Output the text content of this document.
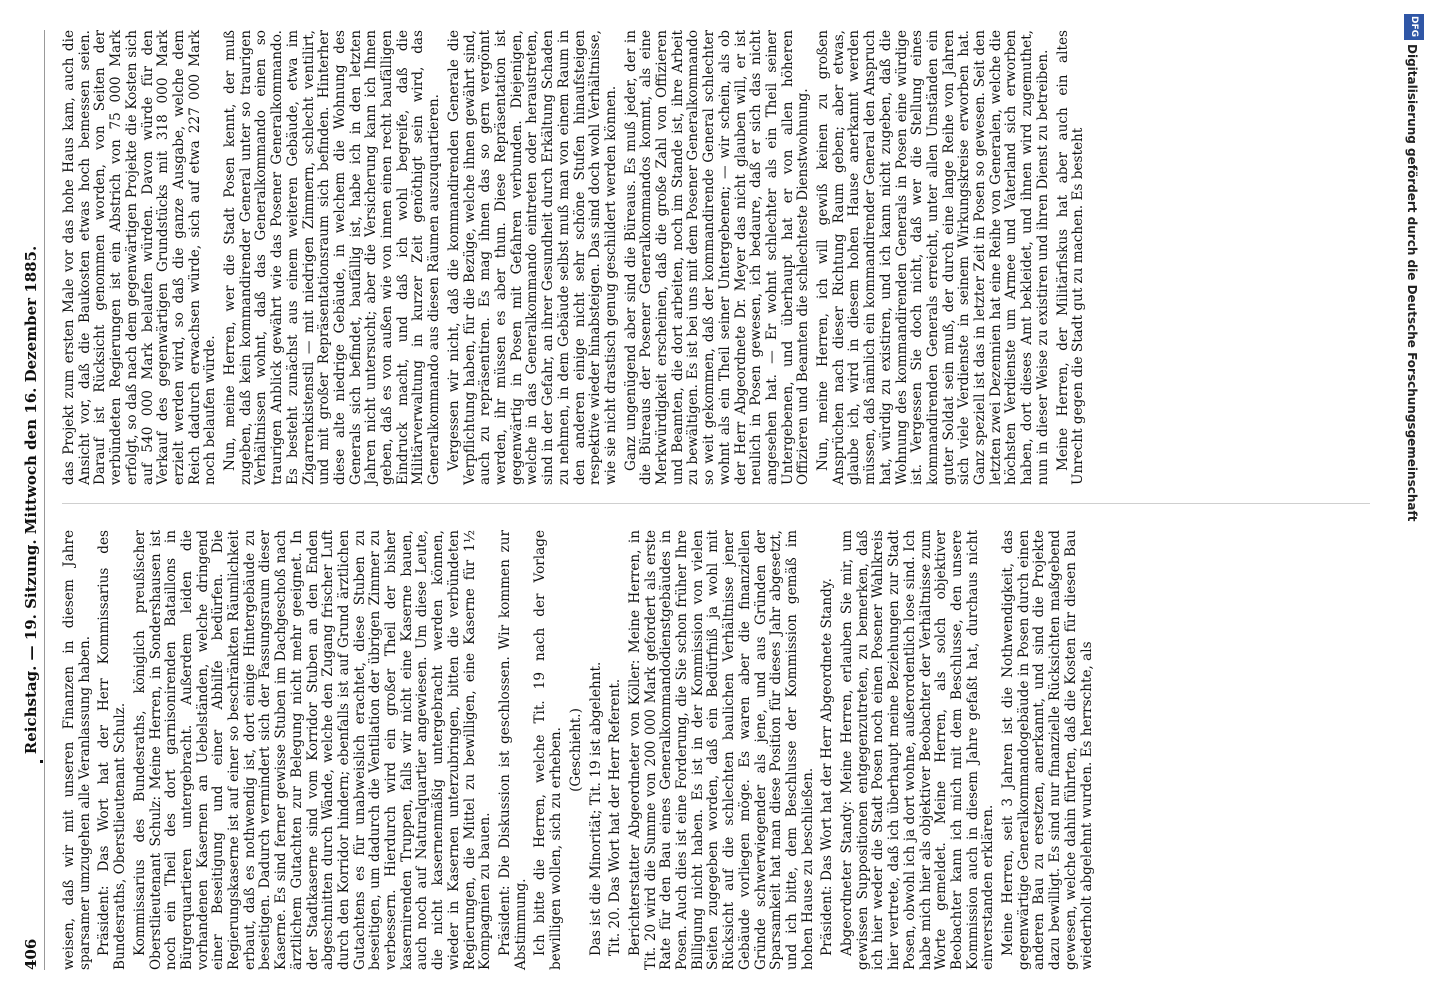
406
Reichstag. — 19. Sitzung. Mittwoch den 16. Dezember 1885. weisen, daß wir mit unseren Finanzen in diesem Jahre sparsamer umzugehen alle Veranlassung haben. Präsident: Das Wort hat der Herr Kommissarius des Bundesraths, Oberstlieutenant Schulz. Kommissarius des Bundesraths, königlich preußischer Oberstlieutenant Schulz: Meine Herren, in Sondershausen ist noch ein Theil des dort garnisonirenden Bataillons in Bürgerquartieren untergebracht. Außerdem leiden die vorhandenen Kasernen an Uebelständen, welche dringend einer Beseitigung und einer Abhilfe bedürfen. Die Regierungskaserne ist auf einer so beschränkten Räumlichkeit erbaut, daß es nothwendig ist, dort einige Hintergebäude zu beseitigen. Dadurch vermindert sich der Fassungsraum dieser Kaserne. Es sind ferner gewisse Stuben im Dachgeschoß nach ärztlichem Gutachten zur Belegung nicht mehr geeignet. In der Stadtkaserne sind vom Korridor Stuben an den Enden abgeschnitten durch Wände, welche den Zugang frischer Luft durch den Korridor hindern; ebenfalls ist auf Grund ärztlichen Gutachtens es für unabweislich erachtet, diese Stuben zu beseitigen, um dadurch die Ventilation der übrigen Zimmer zu verbessern. Hierdurch wird ein großer Theil der bisher kasernirenden Truppen, falls wir nicht eine Kaserne bauen, auch noch auf Naturalquartier angewiesen. Um diese Leute, die nicht kasernenmäßig untergebracht werden können, wieder in Kasernen unterzubringen, bitten die verbündeten Regierungen, die Mittel zu bewilligen, eine Kaserne für 1½ Kompagnien zu bauen. Präsident: Die Diskussion ist geschlossen. Wir kommen zur Abstimmung. Ich bitte die Herren, welche Tit. 19 nach der Vorlage bewilligen wollen, sich zu erheben. (Geschieht.) Das ist die Minorität; Tit. 19 ist abgelehnt. Tit. 20. Das Wort hat der Herr Referent. Berichterstatter Abgeordneter von Köller: Meine Herren, in Tit. 20 wird die Summe von 200 000 Mark gefordert als erste Rate für den Bau eines Generalkommandodienstgebäudes in Posen. Auch dies ist eine Forderung, die Sie schon früher Ihre Billigung nicht haben. Es ist in der Kommission von vielen Seiten zugegeben worden, daß ein Bedürfniß ja wohl mit Rücksicht auf die schlechten baulichen Verhältnisse jener Gebäude vorliegen möge. Es waren aber die finanziellen Gründe schwerwiegender als jene, und aus Gründen der Sparsamkeit hat man diese Position für dieses Jahr abgesetzt, und ich bitte, dem Beschlusse der Kommission gemäß im hohen Hause zu beschließen. Präsident: Das Wort hat der Herr Abgeordnete Standy. Abgeordneter Standy: Meine Herren, erlauben Sie mir, um gewissen Suppositionen entgegenzutreten, zu bemerken, daß ich hier weder die Stadt Posen noch einen Posener Wahlkreis hier vertrete, daß ich überhaupt meine Beziehungen zur Stadt Posen, obwohl ich ja dort wohne, außerordentlich lose sind. Ich habe mich hier als objektiver Beobachter der Verhältnisse zum Worte gemeldet. Meine Herren, als solch objektiver Beobachter kann ich mich mit dem Beschlusse, den unsere Kommission auch in diesem Jahre gefaßt hat, durchaus nicht einverstanden erklären. Meine Herren, seit 3 Jahren ist die Nothwendigkeit, das gegenwärtige Generalkommandogebäude in Posen durch einen anderen Bau zu ersetzen, anerkannt, und sind die Projekte dazu bewilligt. Es sind nur finanzielle Rücksichten maßgebend gewesen, welche dahin führten, daß die Kosten für diesen Bau wiederholt abgelehnt wurden. Es herrschte, als

das Projekt zum ersten Male vor das hohe Haus kam, auch die Ansicht vor, daß die Baukosten etwas hoch bemessen seien. Darauf ist Rücksicht genommen worden, von Seiten der verbündeten Regierungen ist ein Abstrich von 75 000 Mark erfolgt, so daß nach dem gegenwärtigen Projekte die Kosten sich auf 540 000 Mark belaufen würden. Davon würde für den Verkauf des gegenwärtigen Grundstücks mit 318 000 Mark erzielt werden wird, so daß die ganze Ausgabe, welche dem Reich dadurch erwachsen würde, sich auf etwa 227 000 Mark noch belaufen würde. Nun, meine Herren, wer die Stadt Posen kennt, der muß zugeben, daß kein kommandirender General unter so traurigen Verhältnissen wohnt, daß das Generalkommando einen so traurigen Anblick gewährt wie das Posener Generalkommando. Es besteht zunächst aus einem weiteren Gebäude, etwa im Zigarrenkistenstil — mit niedrigen Zimmern, schlecht ventilirt, und mit großer Repräsentationsraum sich befinden. Hinterher diese alte niedrige Gebäude, in welchem die Wohnung des Generals sich befindet, baufällig ist, habe ich in den letzten Jahren nicht untersucht; aber die Versicherung kann ich Ihnen geben, daß es von außen wie von innen einen recht baufälligen Eindruck macht, und daß ich wohl begreife, daß die Militärverwaltung in kurzer Zeit genöthigt sein wird, das Generalkommando aus diesen Räumen auszuquartieren. Vergessen wir nicht, daß die kommandirenden Generale die Verpflichtung haben, für die Bezüge, welche ihnen gewährt sind, auch zu repräsentiren. Es mag ihnen das so gern vergönnt werden, ihr müssen es aber thun. Diese Repräsentation ist gegenwärtig in Posen mit Gefahren verbunden. Diejenigen, welche in das Generalkommando eintreten oder heraustreten, sind in der Gefahr, an ihrer Gesundheit durch Erkältung Schaden zu nehmen, in dem Gebäude selbst muß man von einem Raum in den anderen einige nicht sehr schöne Stufen hinaufsteigen respektive wieder hinabsteigen. Das sind doch wohl Verhältnisse, wie sie nicht drastisch genug geschildert werden können. Ganz ungenügend aber sind die Büreaus. Es muß jeder, der in die Büreaus der Posener Generalkommandos kommt, als eine Merkwürdigkeit erscheinen, daß die große Zahl von Offizieren und Beamten, die dort arbeiten, noch im Stande ist, ihre Arbeit zu bewältigen. Es ist bei uns mit dem Posener Generalkommando so weit gekommen, daß der kommandirende General schlechter wohnt als ein Theil seiner Untergebenen; — wir schein, als ob der Herr Abgeordnete Dr. Meyer das nicht glauben will, er ist neulich in Posen gewesen, ich bedaure, daß er sich das nicht angesehen hat. — Er wohnt schlechter als ein Theil seiner Untergebenen, und überhaupt hat er von allen höheren Offizieren und Beamten die schlechteste Dienstwohnung. Nun, meine Herren, ich will gewiß keinen zu großen Ansprüchen nach dieser Richtung Raum geben; aber etwas, glaube ich, wird in diesem hohen Hause anerkannt werden müssen, daß nämlich ein kommandirender General den Anspruch hat, würdig zu existiren, und ich kann nicht zugeben, daß die Wohnung des kommandirenden Generals in Posen eine würdige ist. Vergessen Sie doch nicht, daß wer die Stellung eines kommandirenden Generals erreicht, unter allen Umständen ein guter Soldat sein muß, der durch eine lange Reihe von Jahren sich viele Verdienste in seinem Wirkungskreise erworben hat. Ganz speziell ist das in letzter Zeit in Posen so gewesen. Seit den letzten zwei Dezennien hat eine Reihe von Generalen, welche die höchsten Verdienste um Armee und Vaterland sich erworben haben, dort dieses Amt bekleidet, und ihnen wird zugemuthet, nun in dieser Weise zu existiren und ihren Dienst zu betreiben. Meine Herren, der Militärfiskus hat aber auch ein altes Unrecht gegen die Stadt gut zu machen. Es besteht

DFG
Digitalisierung gefördert durch die Deutsche Forschungsgemeinschaft
